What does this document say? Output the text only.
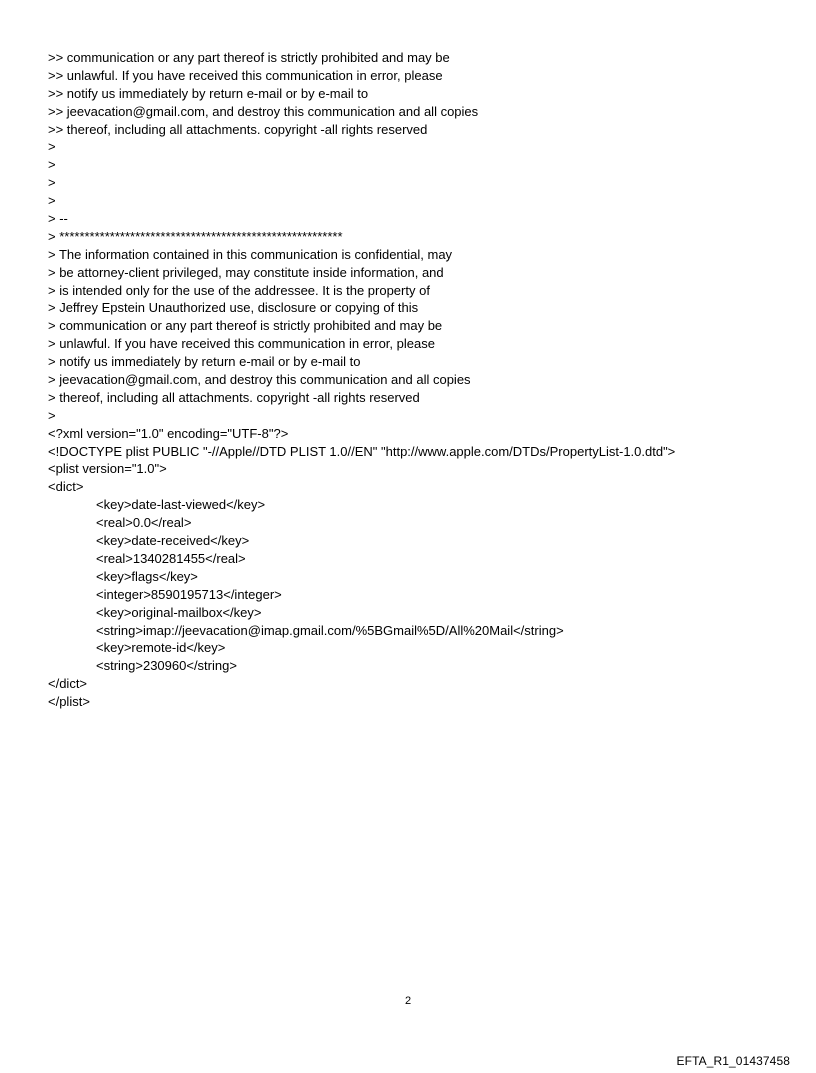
>> communication or any part thereof is strictly prohibited and may be
>> unlawful. If you have received this communication in error, please
>> notify us immediately by return e-mail or by e-mail to
>> jeevacation@gmail.com, and destroy this communication and all copies
>> thereof, including all attachments. copyright -all rights reserved
>
>
>
>
> --
> ********************************************************
> The information contained in this communication is confidential, may
> be attorney-client privileged, may constitute inside information, and
> is intended only for the use of the addressee. It is the property of
> Jeffrey Epstein Unauthorized use, disclosure or copying of this
> communication or any part thereof is strictly prohibited and may be
> unlawful. If you have received this communication in error, please
> notify us immediately by return e-mail or by e-mail to
> jeevacation@gmail.com, and destroy this communication and all copies
> thereof, including all attachments. copyright -all rights reserved
>
<?xml version="1.0" encoding="UTF-8"?>
<!DOCTYPE plist PUBLIC "-//Apple//DTD PLIST 1.0//EN" "http://www.apple.com/DTDs/PropertyList-1.0.dtd">
<plist version="1.0">
<dict>
<key>date-last-viewed</key>
<real>0.0</real>
<key>date-received</key>
<real>1340281455</real>
<key>flags</key>
<integer>8590195713</integer>
<key>original-mailbox</key>
<string>imap://jeevacation@imap.gmail.com/%5BGmail%5D/All%20Mail</string>
<key>remote-id</key>
<string>230960</string>
</dict>
</plist>
2
EFTA_R1_01437458
